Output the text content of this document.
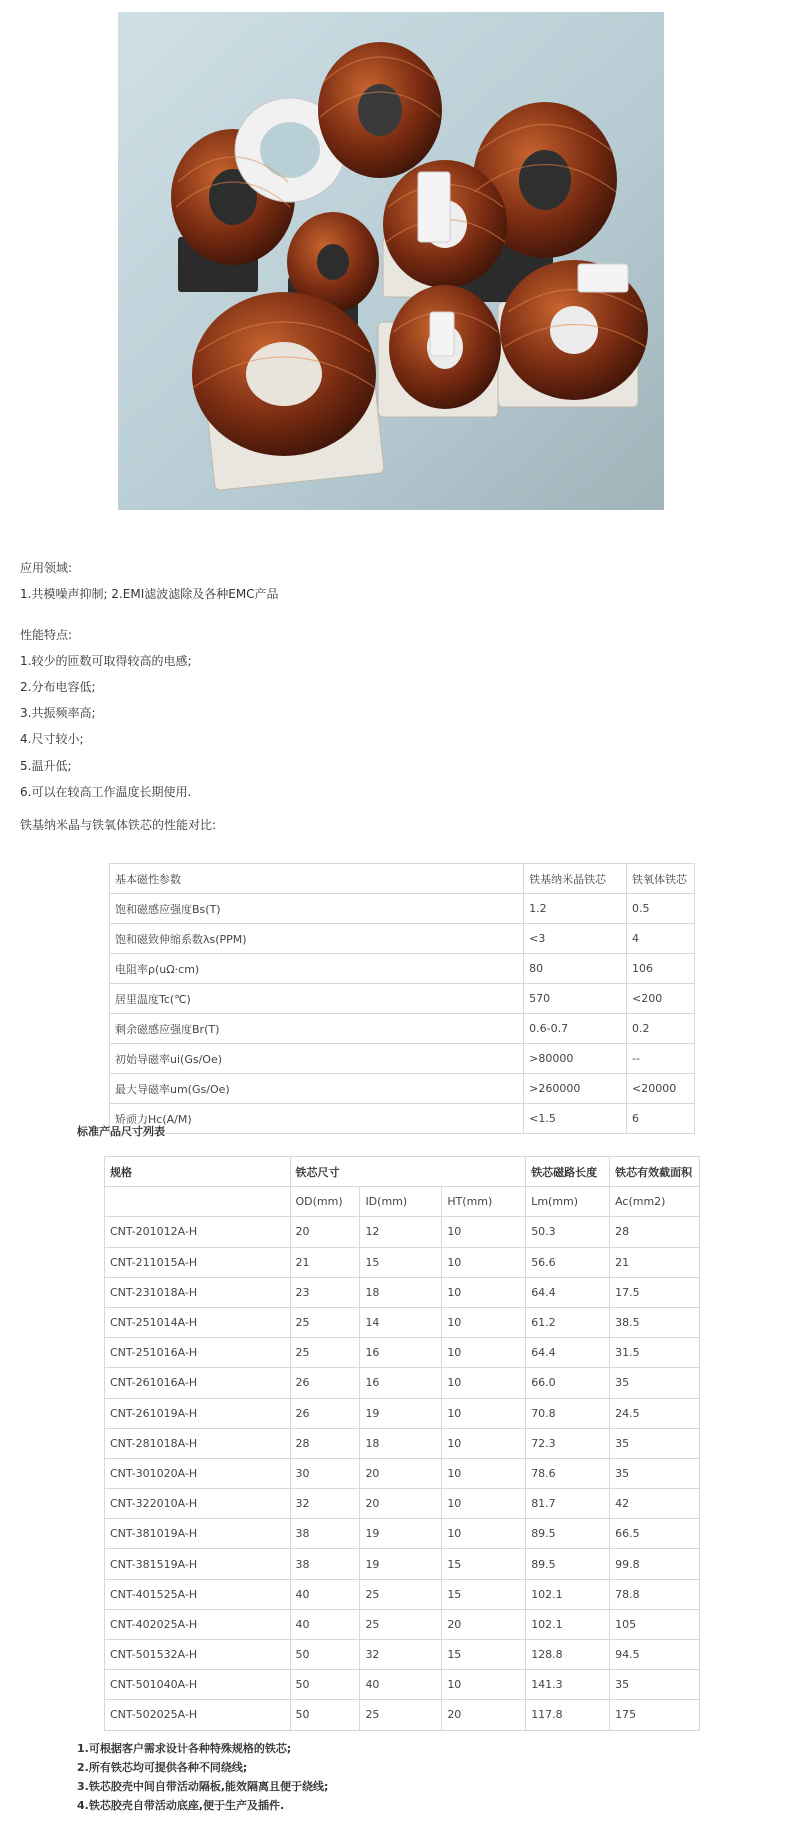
应用领域:
1.共模噪声抑制; 2.EMI滤波滤除及各种EMC产品
性能特点:
1.较少的匝数可取得较高的电感;
2.分布电容低;
3.共振频率高;
4.尺寸较小;
5.温升低;
6.可以在较高工作温度长期使用.
铁基纳米晶与铁氧体铁芯的性能对比:
基本磁性参数	铁基纳米晶铁芯	铁氧体铁芯
饱和磁感应强度Bs(T)	1.2	0.5
饱和磁致伸缩系数λs(PPM)	<3	4
电阻率ρ(uΩ·cm)	80	106
居里温度Tc(℃)	570	<200
剩余磁感应强度Br(T)	0.6-0.7	0.2
初始导磁率ui(Gs/Oe)	>80000	--
最大导磁率um(Gs/Oe)	>260000	<20000
矫顽力Hc(A/M)	<1.5	6
标准产品尺寸列表
规格	铁芯尺寸			铁芯磁路长度	铁芯有效截面积
	OD(mm)	ID(mm)	HT(mm)	Lm(mm)	Ac(mm2)
CNT-201012A-H	20	12	10	50.3	28
CNT-211015A-H	21	15	10	56.6	21
CNT-231018A-H	23	18	10	64.4	17.5
CNT-251014A-H	25	14	10	61.2	38.5
CNT-251016A-H	25	16	10	64.4	31.5
CNT-261016A-H	26	16	10	66.0	35
CNT-261019A-H	26	19	10	70.8	24.5
CNT-281018A-H	28	18	10	72.3	35
CNT-301020A-H	30	20	10	78.6	35
CNT-322010A-H	32	20	10	81.7	42
CNT-381019A-H	38	19	10	89.5	66.5
CNT-381519A-H	38	19	15	89.5	99.8
CNT-401525A-H	40	25	15	102.1	78.8
CNT-402025A-H	40	25	20	102.1	105
CNT-501532A-H	50	32	15	128.8	94.5
CNT-501040A-H	50	40	10	141.3	35
CNT-502025A-H	50	25	20	117.8	175
1.可根据客户需求设计各种特殊规格的铁芯;
2.所有铁芯均可提供各种不同绕线;
3.铁芯胶壳中间自带活动隔板,能效隔离且便于绕线;
4.铁芯胶壳自带活动底座,便于生产及插件.
